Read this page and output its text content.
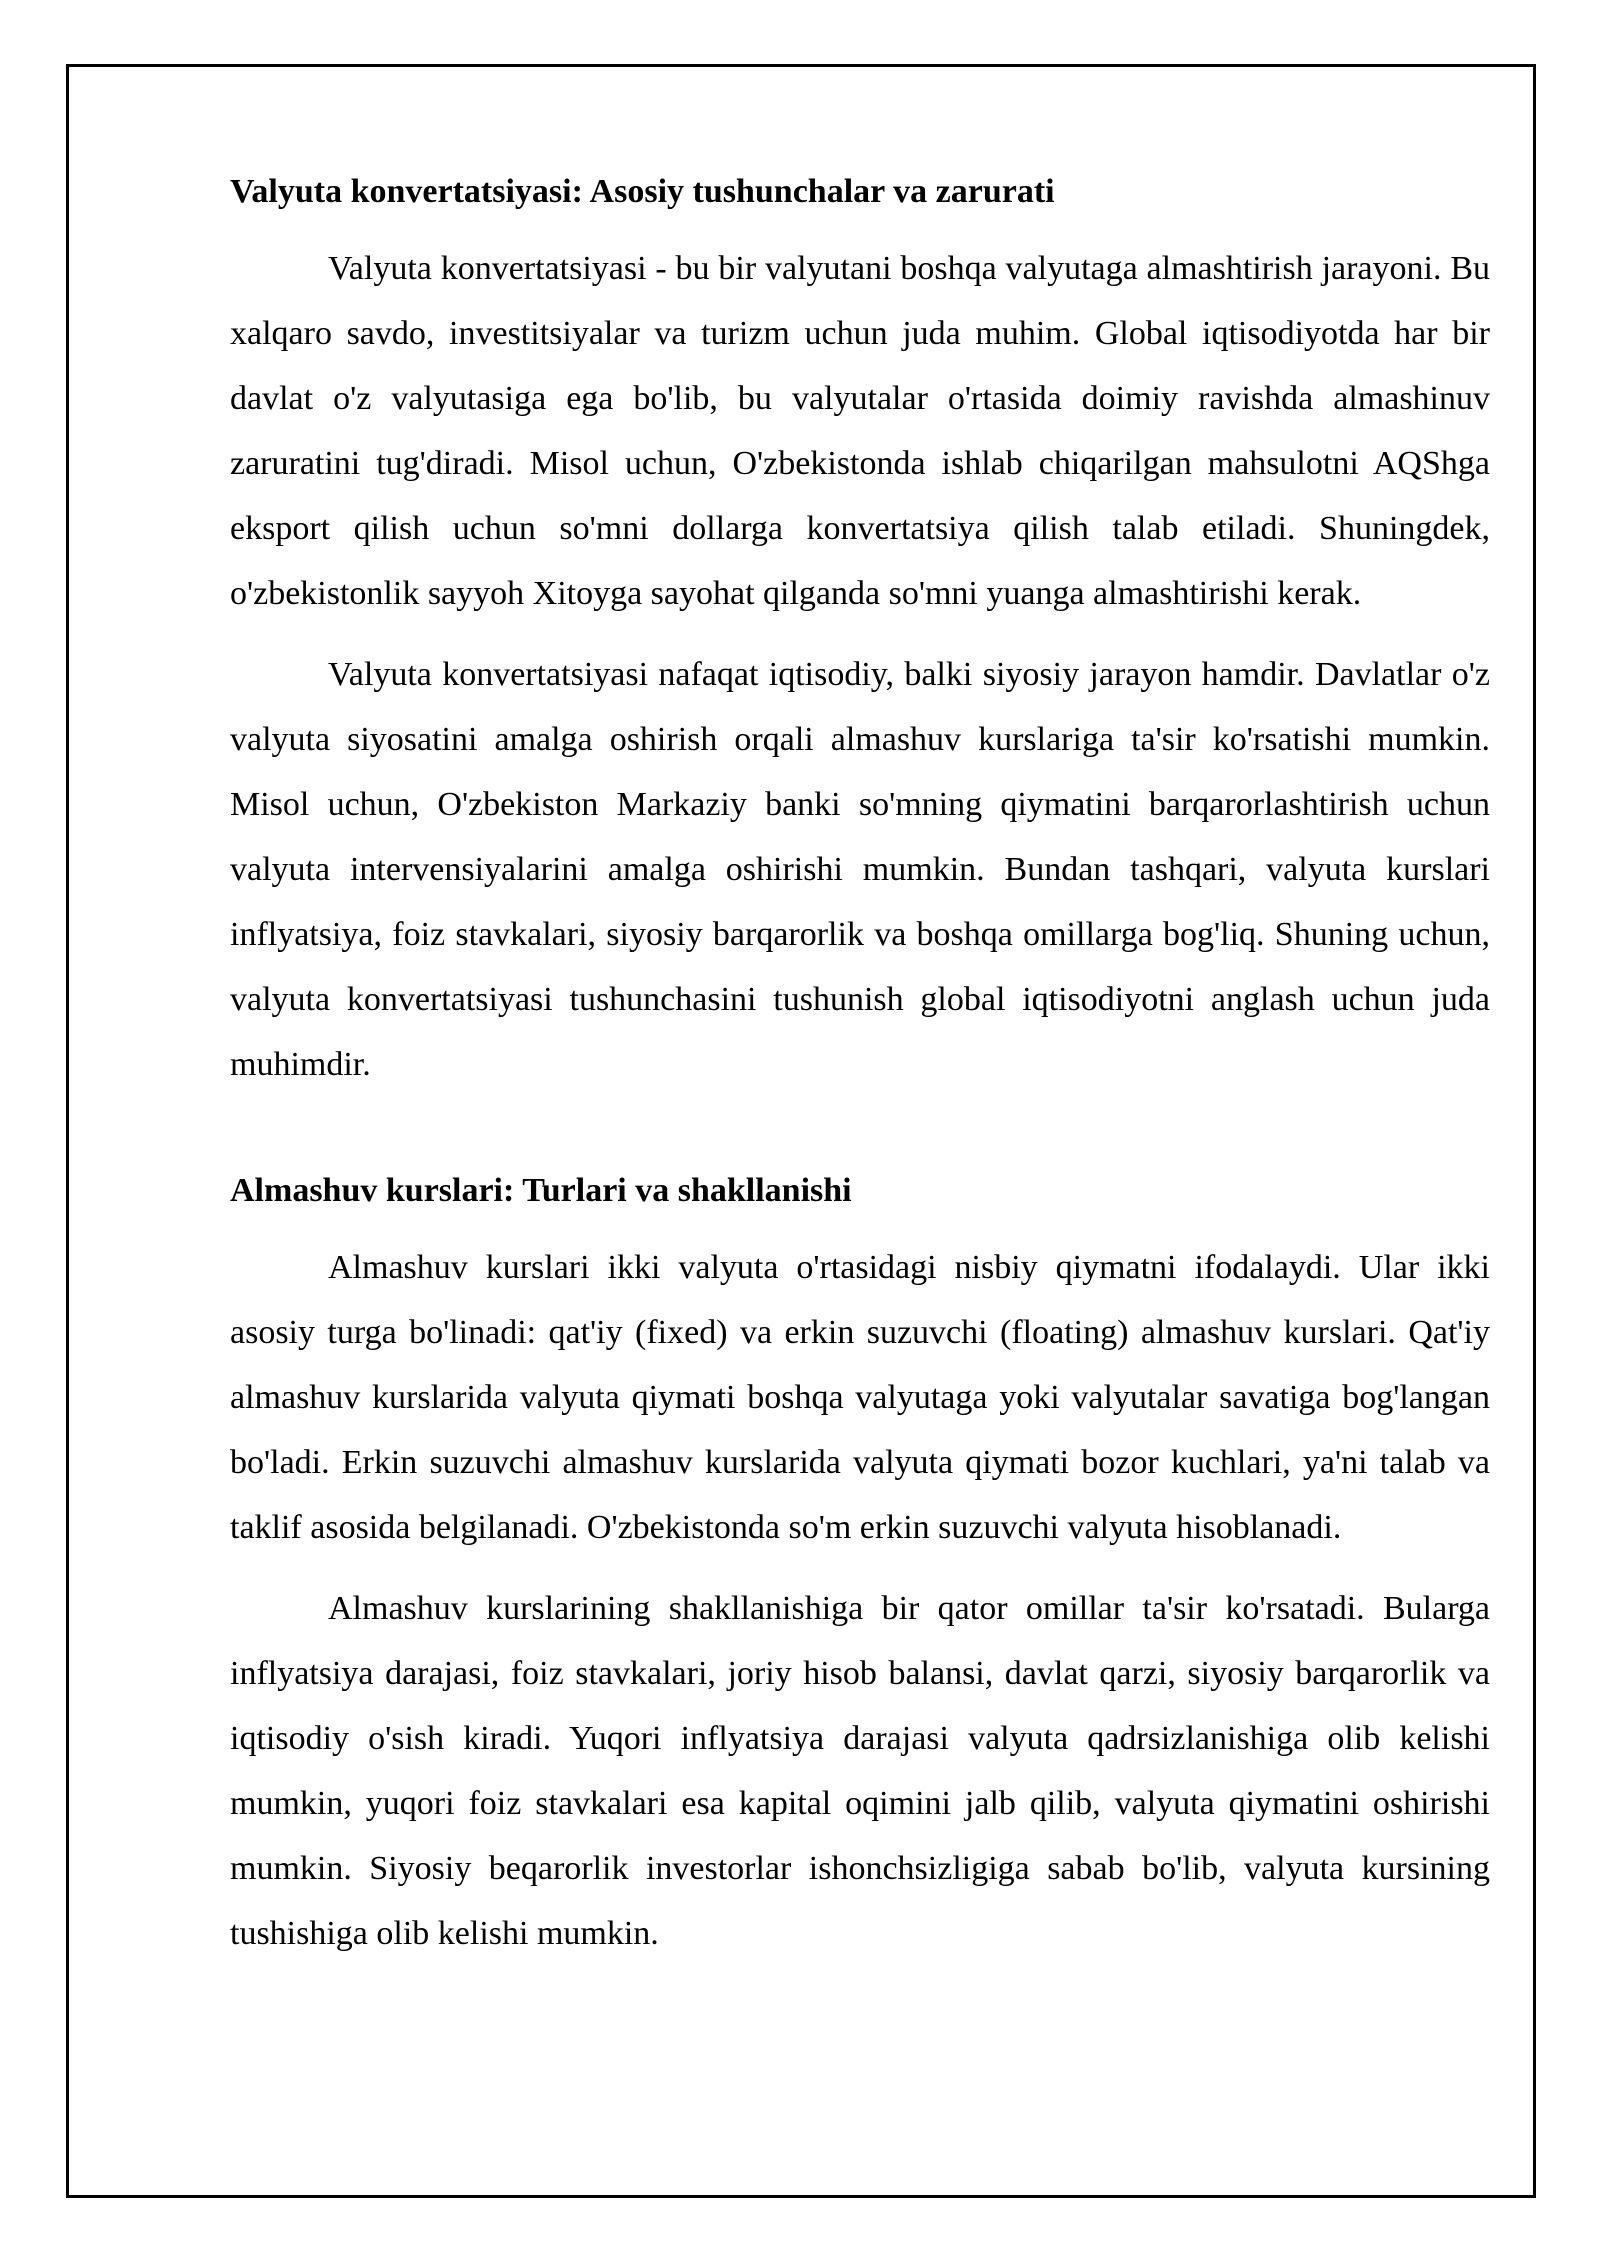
Valyuta konvertatsiyasi: Asosiy tushunchalar va zarurati

Valyuta konvertatsiyasi - bu bir valyutani boshqa valyutaga almashtirish jarayoni. Bu xalqaro savdo, investitsiyalar va turizm uchun juda muhim. Global iqtisodiyotda har bir davlat o'z valyutasiga ega bo'lib, bu valyutalar o'rtasida doimiy ravishda almashinuv zaruratini tug'diradi. Misol uchun, O'zbekistonda ishlab chiqarilgan mahsulotni AQShga eksport qilish uchun so'mni dollarga konvertatsiya qilish talab etiladi. Shuningdek, o'zbekistonlik sayyoh Xitoyga sayohat qilganda so'mni yuanga almashtirishi kerak.

Valyuta konvertatsiyasi nafaqat iqtisodiy, balki siyosiy jarayon hamdir. Davlatlar o'z valyuta siyosatini amalga oshirish orqali almashuv kurslariga ta'sir ko'rsatishi mumkin. Misol uchun, O'zbekiston Markaziy banki so'mning qiymatini barqarorlashtirish uchun valyuta intervensiyalarini amalga oshirishi mumkin. Bundan tashqari, valyuta kurslari inflyatsiya, foiz stavkalari, siyosiy barqarorlik va boshqa omillarga bog'liq. Shuning uchun, valyuta konvertatsiyasi tushunchasini tushunish global iqtisodiyotni anglash uchun juda muhimdir.

Almashuv kurslari: Turlari va shakllanishi

Almashuv kurslari ikki valyuta o'rtasidagi nisbiy qiymatni ifodalaydi. Ular ikki asosiy turga bo'linadi: qat'iy (fixed) va erkin suzuvchi (floating) almashuv kurslari. Qat'iy almashuv kurslarida valyuta qiymati boshqa valyutaga yoki valyutalar savatiga bog'langan bo'ladi. Erkin suzuvchi almashuv kurslarida valyuta qiymati bozor kuchlari, ya'ni talab va taklif asosida belgilanadi. O'zbekistonda so'm erkin suzuvchi valyuta hisoblanadi.

Almashuv kurslarining shakllanishiga bir qator omillar ta'sir ko'rsatadi. Bularga inflyatsiya darajasi, foiz stavkalari, joriy hisob balansi, davlat qarzi, siyosiy barqarorlik va iqtisodiy o'sish kiradi. Yuqori inflyatsiya darajasi valyuta qadrsizlanishiga olib kelishi mumkin, yuqori foiz stavkalari esa kapital oqimini jalb qilib, valyuta qiymatini oshirishi mumkin. Siyosiy beqarorlik investorlar ishonchsizligiga sabab bo'lib, valyuta kursining tushishiga olib kelishi mumkin.
